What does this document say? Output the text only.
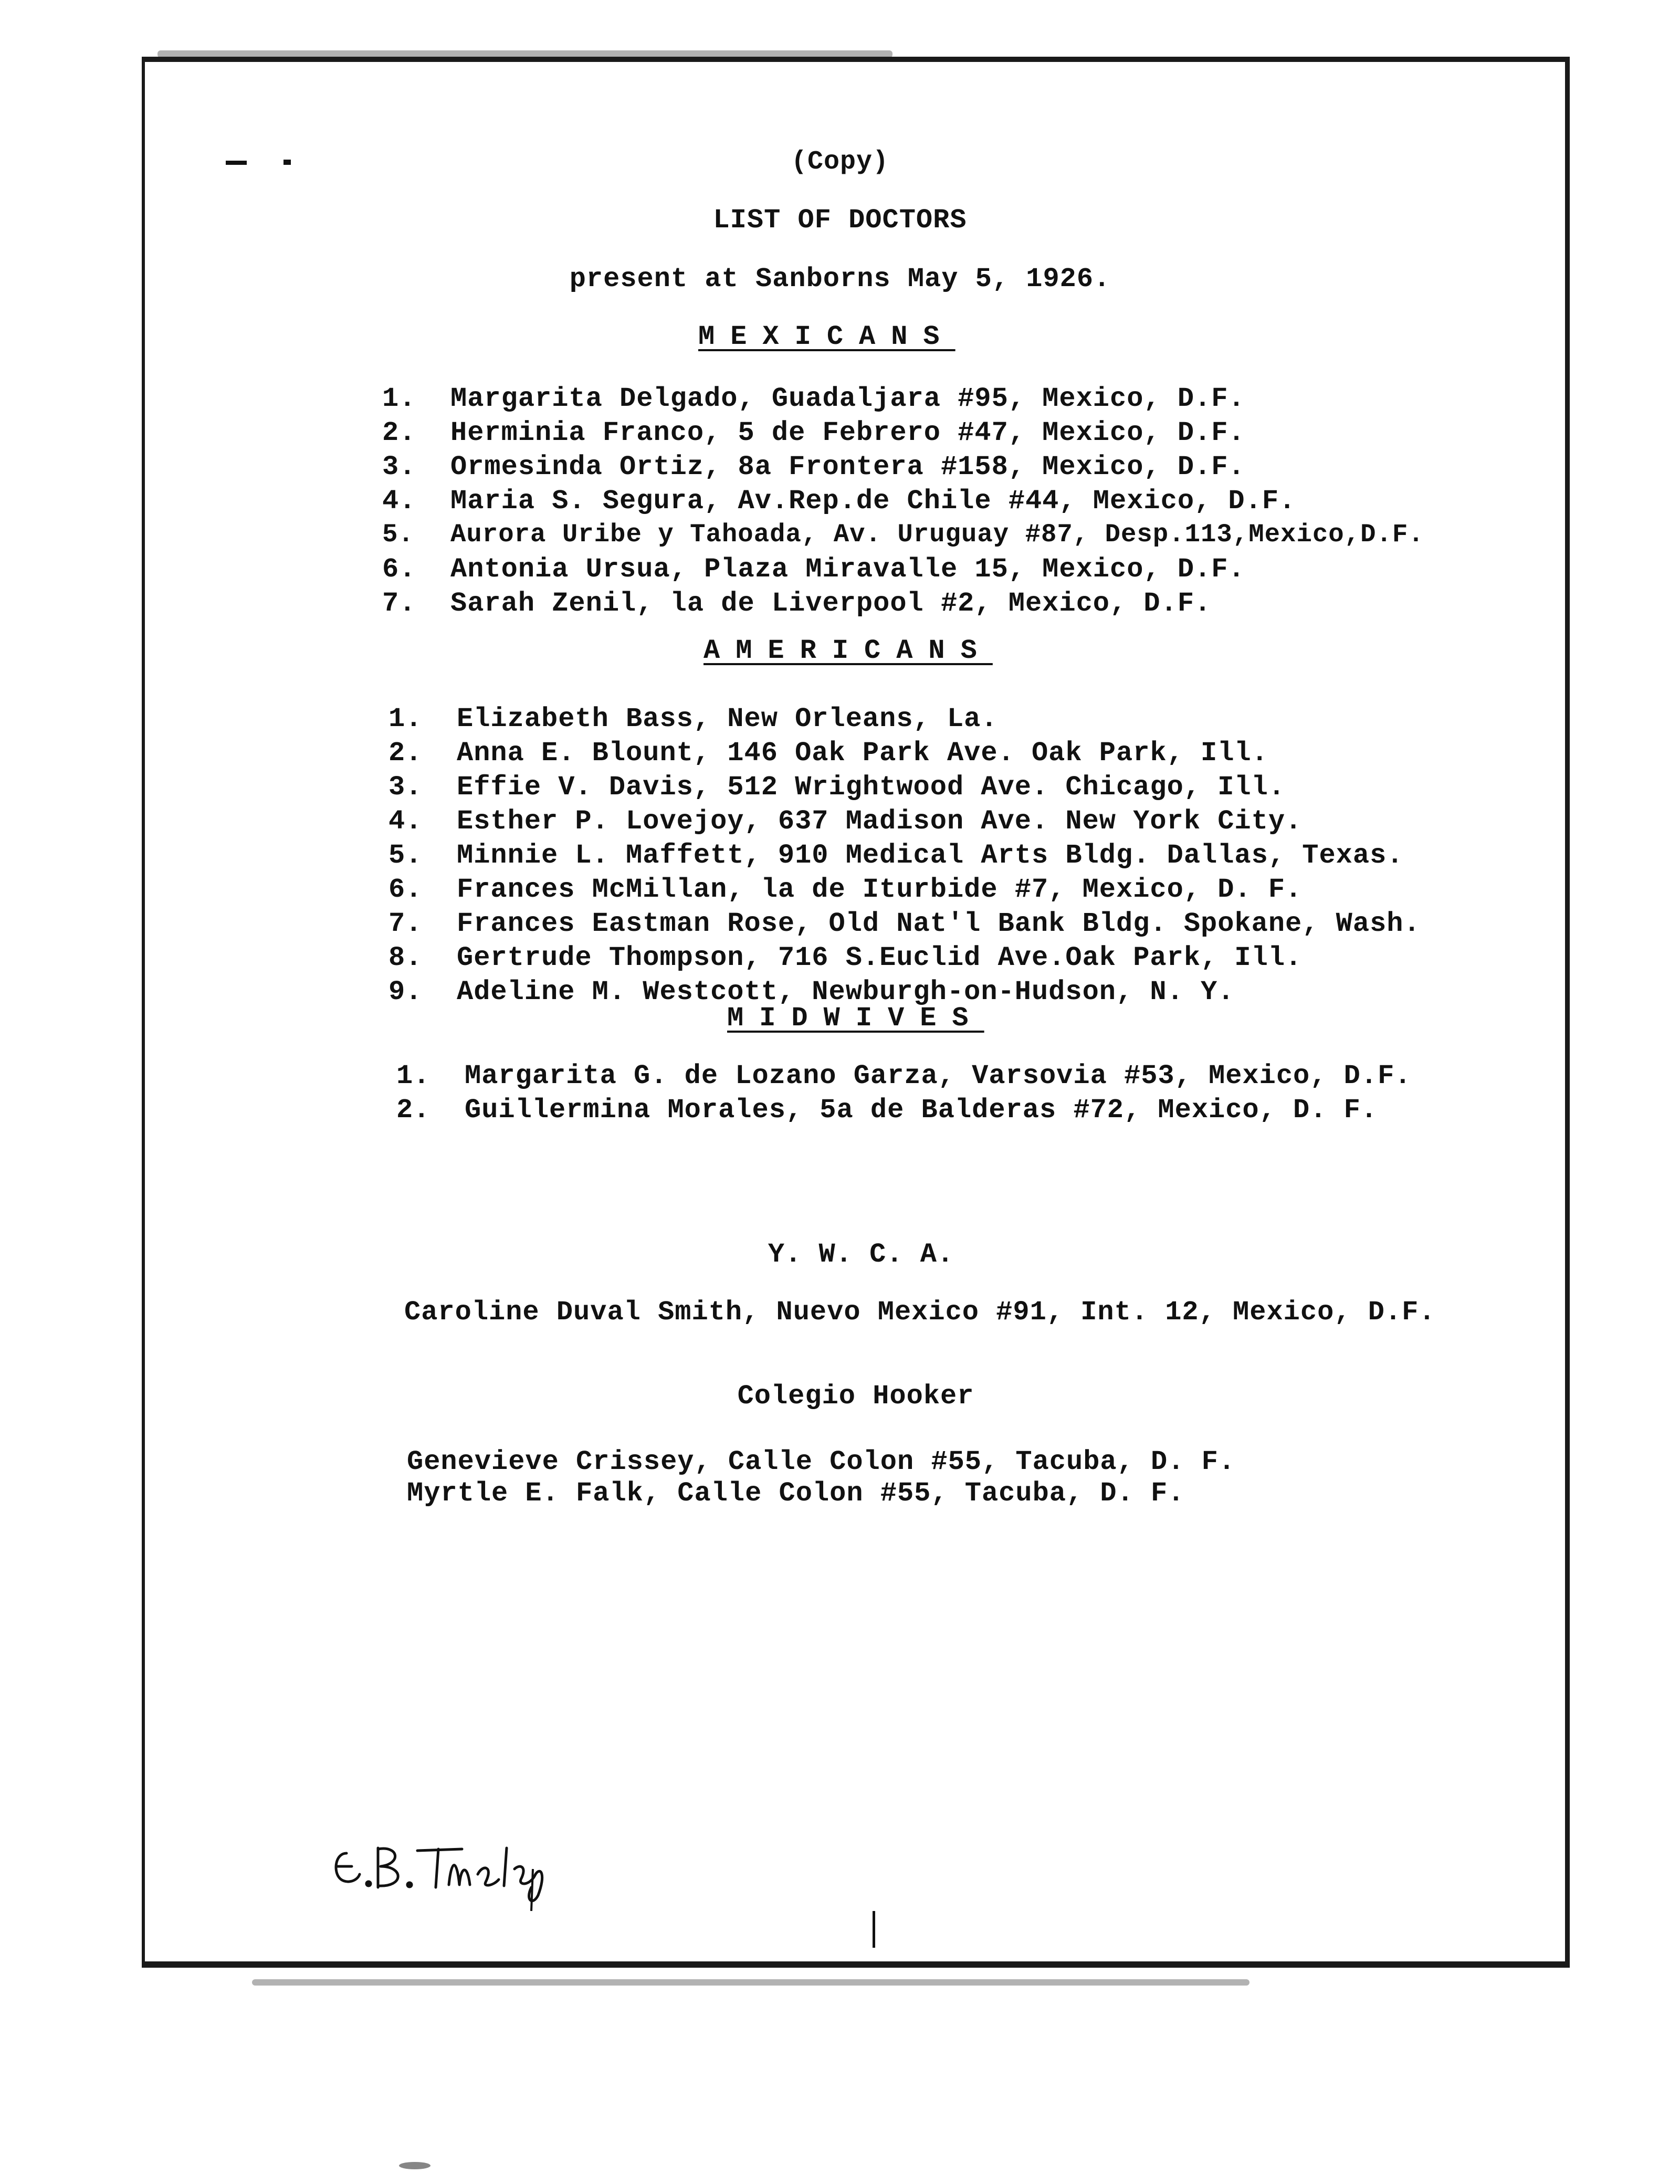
(Copy)
LIST OF DOCTORS
present at Sanborns May 5, 1926.
MEXICANS
1. Margarita Delgado, Guadaljara #95, Mexico, D.F.
2. Herminia Franco, 5 de Febrero #47, Mexico, D.F.
3. Ormesinda Ortiz, 8a Frontera #158, Mexico, D.F.
4. Maria S. Segura, Av.Rep.de Chile #44, Mexico, D.F.
5. Aurora Uribe y Tahoada, Av. Uruguay #87, Desp.113,Mexico,D.F.
6. Antonia Ursua, Plaza Miravalle 15, Mexico, D.F.
7. Sarah Zenil, la de Liverpool #2, Mexico, D.F.
AMERICANS
1. Elizabeth Bass, New Orleans, La.
2. Anna E. Blount, 146 Oak Park Ave. Oak Park, Ill.
3. Effie V. Davis, 512 Wrightwood Ave. Chicago, Ill.
4. Esther P. Lovejoy, 637 Madison Ave. New York City.
5. Minnie L. Maffett, 910 Medical Arts Bldg. Dallas, Texas.
6. Frances McMillan, la de Iturbide #7, Mexico, D. F.
7. Frances Eastman Rose, Old Nat'l Bank Bldg. Spokane, Wash.
8. Gertrude Thompson, 716 S.Euclid Ave.Oak Park, Ill.
9. Adeline M. Westcott, Newburgh-on-Hudson, N. Y.
MIDWIVES
1. Margarita G. de Lozano Garza, Varsovia #53, Mexico, D.F.
2. Guillermina Morales, 5a de Balderas #72, Mexico, D. F.
Y. W. C. A.
Caroline Duval Smith, Nuevo Mexico #91, Int. 12, Mexico, D.F.
Colegio Hooker
Genevieve Crissey, Calle Colon #55, Tacuba, D. F.
Myrtle E. Falk, Calle Colon #55, Tacuba, D. F.
